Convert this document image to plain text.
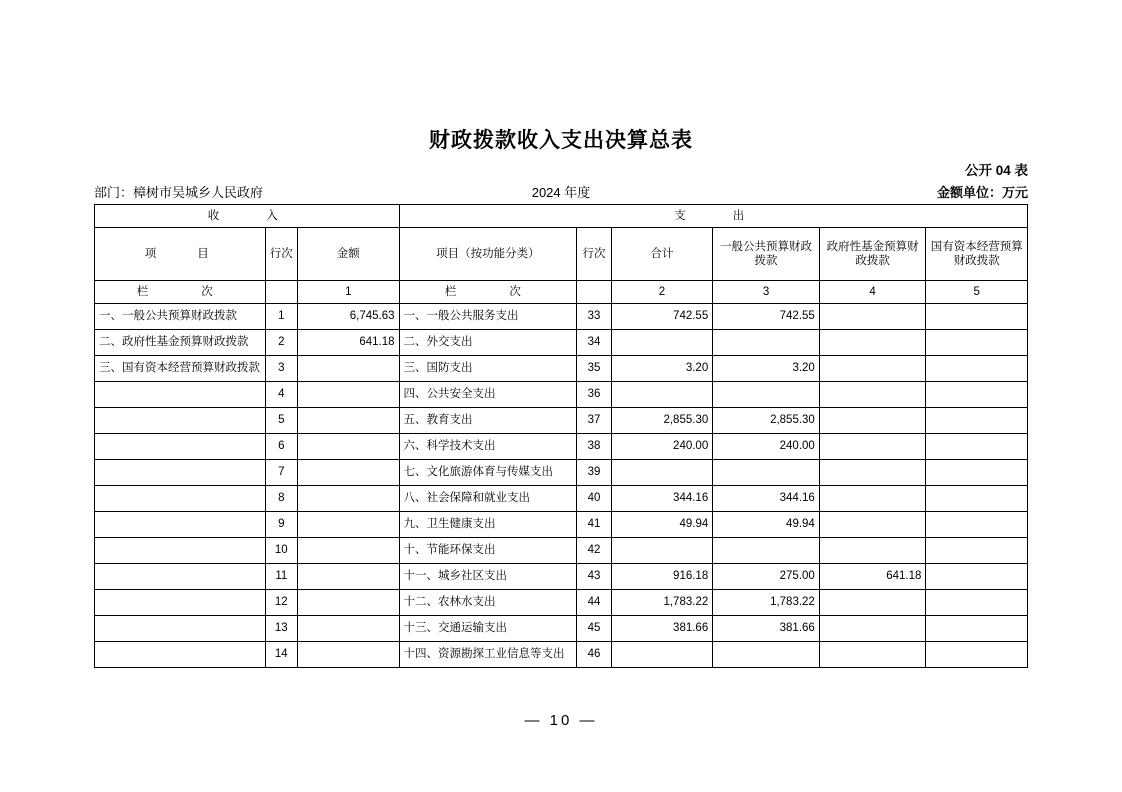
财政拨款收入支出决算总表
公开 04 表
2024 年度
部门：樟树市吴城乡人民政府	金额单位：万元
收　　入			支　　出					
项　　目	行次	金额	项目（按功能分类）	行次	合计	一般公共预算财政拨款	政府性基金预算财政拨款	国有资本经营预算财政拨款
栏　　次		1	栏　　次		2	3	4	5
一、一般公共预算财政拨款	1	6,745.63	一、一般公共服务支出	33	742.55	742.55		
二、政府性基金预算财政拨款	2	641.18	二、外交支出	34				
三、国有资本经营预算财政拨款	3		三、国防支出	35	3.20	3.20		
	4		四、公共安全支出	36				
	5		五、教育支出	37	2,855.30	2,855.30		
	6		六、科学技术支出	38	240.00	240.00		
	7		七、文化旅游体育与传媒支出	39				
	8		八、社会保障和就业支出	40	344.16	344.16		
	9		九、卫生健康支出	41	49.94	49.94		
	10		十、节能环保支出	42				
	11		十一、城乡社区支出	43	916.18	275.00	641.18	
	12		十二、农林水支出	44	1,783.22	1,783.22		
	13		十三、交通运输支出	45	381.66	381.66		
	14		十四、资源勘探工业信息等支出	46				
— 10 —
